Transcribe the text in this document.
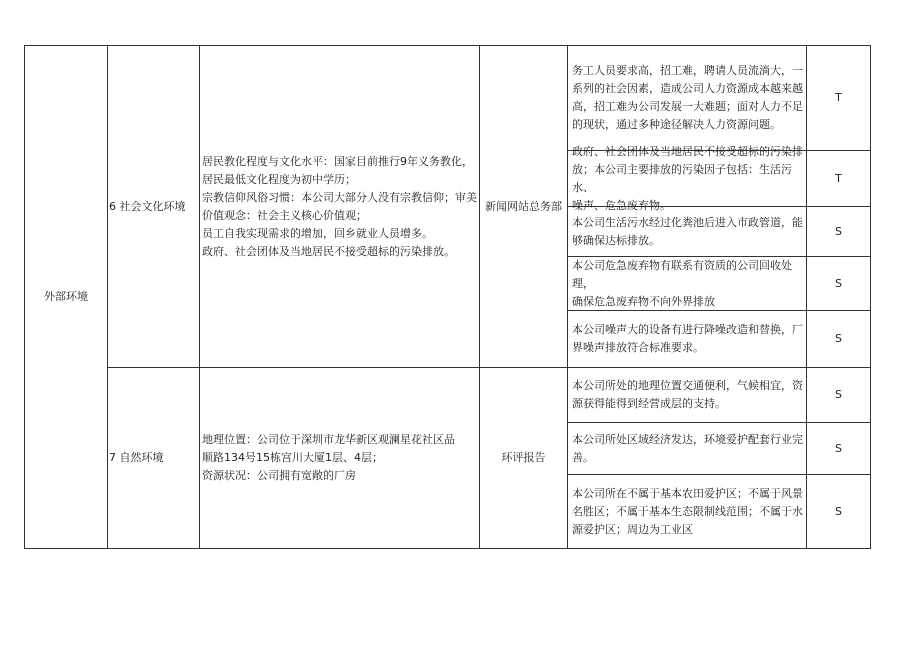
外部环境
6 社会文化环境
居民教化程度与文化水平：国家目前推行9年义务教化，
居民最低文化程度为初中学历；
宗教信仰风俗习惯：本公司大部分人没有宗教信仰；审美
价值观念：社会主义核心价值观；
员工自我实现需求的增加，回乡就业人员增多。
政府、社会团体及当地居民不接受超标的污染排放。
新闻网站总务部
务工人员要求高，招工难，聘请人员流淌大，一
系列的社会因素，造成公司人力资源成本越来越
高，招工难为公司发展一大难题；面对人力不足
的现状，通过多种途径解决人力资源问题。
T
政府、社会团体及当地居民不接受超标的污染排
放；本公司主要排放的污染因子包括：生活污水、
噪声、危急废弃物。
T
本公司生活污水经过化粪池后进入市政管道，能
够确保达标排放。
S
本公司危急废弃物有联系有资质的公司回收处理，
确保危急废弃物不向外界排放
S
本公司噪声大的设备有进行降噪改造和替换，厂
界噪声排放符合标准要求。
S
7 自然环境
地理位置：公司位于深圳市龙华新区观澜星花社区品
顺路134号15栋宫川大厦1层、4层；
资源状况：公司拥有宽敞的厂房
环评报告
本公司所处的地理位置交通便利，气候相宜，资
源获得能得到经营成层的支持。
S
本公司所处区域经济发达，环境爱护配套行业完
善。
S
本公司所在不属于基本农田爱护区；不属于风景
名胜区；不属于基本生态限制线范围；不属于水
源爱护区；周边为工业区
S
